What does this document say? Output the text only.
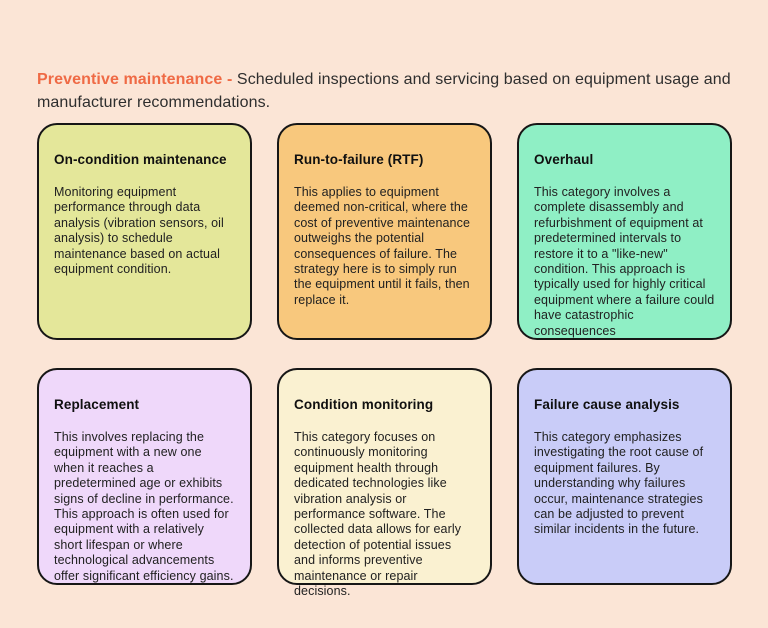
Preventive maintenance - Scheduled inspections and servicing based on equipment usage and manufacturer recommendations.

On-condition maintenance

Monitoring equipment performance through data analysis (vibration sensors, oil analysis) to schedule maintenance based on actual equipment condition.

Run-to-failure (RTF)

This applies to equipment deemed non-critical, where the cost of preventive maintenance outweighs the potential consequences of failure. The strategy here is to simply run the equipment until it fails, then replace it.

Overhaul

This category involves a complete disassembly and refurbishment of equipment at predetermined intervals to restore it to a "like-new" condition. This approach is typically used for highly critical equipment where a failure could have catastrophic consequences

Replacement

This involves replacing the equipment with a new one when it reaches a predetermined age or exhibits signs of decline in performance. This approach is often used for equipment with a relatively short lifespan or where technological advancements offer significant efficiency gains.

Condition monitoring

This category focuses on continuously monitoring equipment health through dedicated technologies like vibration analysis or performance software. The collected data allows for early detection of potential issues and informs preventive maintenance or repair decisions.

Failure cause analysis

This category emphasizes investigating the root cause of equipment failures. By understanding why failures occur, maintenance strategies can be adjusted to prevent similar incidents in the future.
